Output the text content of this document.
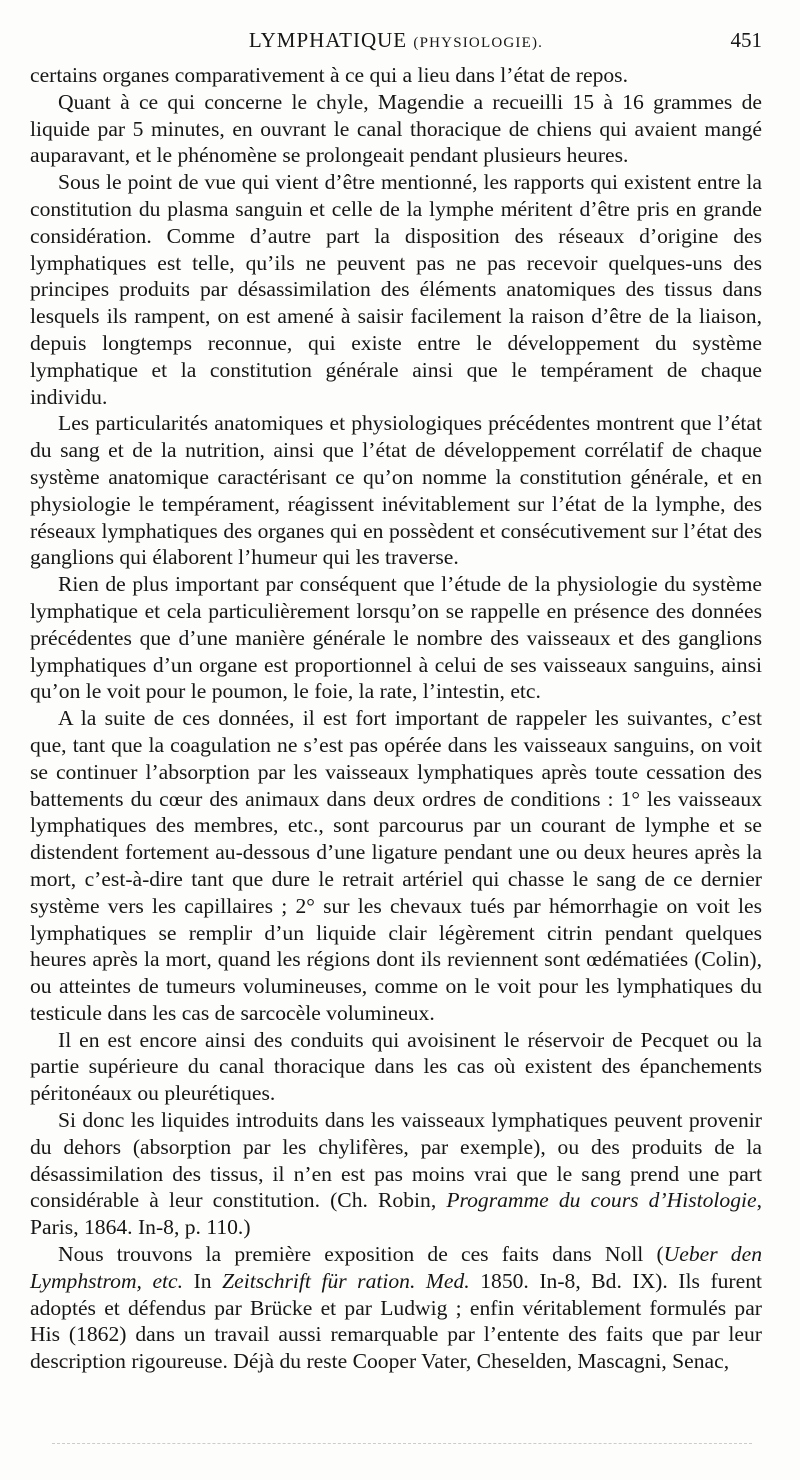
LYMPHATIQUE (PHYSIOLOGIE).	451

certains organes comparativement à ce qui a lieu dans l’état de repos.

Quant à ce qui concerne le chyle, Magendie a recueilli 15 à 16 grammes de liquide par 5 minutes, en ouvrant le canal thoracique de chiens qui avaient mangé auparavant, et le phénomène se prolongeait pendant plusieurs heures.

Sous le point de vue qui vient d’être mentionné, les rapports qui existent entre la constitution du plasma sanguin et celle de la lymphe méritent d’être pris en grande considération. Comme d’autre part la disposition des réseaux d’origine des lymphatiques est telle, qu’ils ne peuvent pas ne pas recevoir quelques-uns des principes produits par désassimilation des éléments anatomiques des tissus dans lesquels ils rampent, on est amené à saisir facilement la raison d’être de la liaison, depuis longtemps reconnue, qui existe entre le développement du système lymphatique et la constitution générale ainsi que le tempérament de chaque individu.

Les particularités anatomiques et physiologiques précédentes montrent que l’état du sang et de la nutrition, ainsi que l’état de développement corrélatif de chaque système anatomique caractérisant ce qu’on nomme la constitution générale, et en physiologie le tempérament, réagissent inévitablement sur l’état de la lymphe, des réseaux lymphatiques des organes qui en possèdent et consécutivement sur l’état des ganglions qui élaborent l’humeur qui les traverse.

Rien de plus important par conséquent que l’étude de la physiologie du système lymphatique et cela particulièrement lorsqu’on se rappelle en présence des données précédentes que d’une manière générale le nombre des vaisseaux et des ganglions lymphatiques d’un organe est proportionnel à celui de ses vaisseaux sanguins, ainsi qu’on le voit pour le poumon, le foie, la rate, l’intestin, etc.

A la suite de ces données, il est fort important de rappeler les suivantes, c’est que, tant que la coagulation ne s’est pas opérée dans les vaisseaux sanguins, on voit se continuer l’absorption par les vaisseaux lymphatiques après toute cessation des battements du cœur des animaux dans deux ordres de conditions : 1° les vaisseaux lymphatiques des membres, etc., sont parcourus par un courant de lymphe et se distendent fortement au-dessous d’une ligature pendant une ou deux heures après la mort, c’est-à-dire tant que dure le retrait artériel qui chasse le sang de ce dernier système vers les capillaires ; 2° sur les chevaux tués par hémorrhagie on voit les lymphatiques se remplir d’un liquide clair légèrement citrin pendant quelques heures après la mort, quand les régions dont ils reviennent sont œdématiées (Colin), ou atteintes de tumeurs volumineuses, comme on le voit pour les lymphatiques du testicule dans les cas de sarcocèle volumineux.

Il en est encore ainsi des conduits qui avoisinent le réservoir de Pecquet ou la partie supérieure du canal thoracique dans les cas où existent des épanchements péritonéaux ou pleurétiques.

Si donc les liquides introduits dans les vaisseaux lymphatiques peuvent provenir du dehors (absorption par les chylifères, par exemple), ou des produits de la désassimilation des tissus, il n’en est pas moins vrai que le sang prend une part considérable à leur constitution. (Ch. Robin, Programme du cours d’Histologie, Paris, 1864. In-8, p. 110.)

Nous trouvons la première exposition de ces faits dans Noll (Ueber den Lymphstrom, etc. In Zeitschrift für ration. Med. 1850. In-8, Bd. IX). Ils furent adoptés et défendus par Brücke et par Ludwig ; enfin véritablement formulés par His (1862) dans un travail aussi remarquable par l’entente des faits que par leur description rigoureuse. Déjà du reste Cooper Vater, Cheselden, Mascagni, Senac,
